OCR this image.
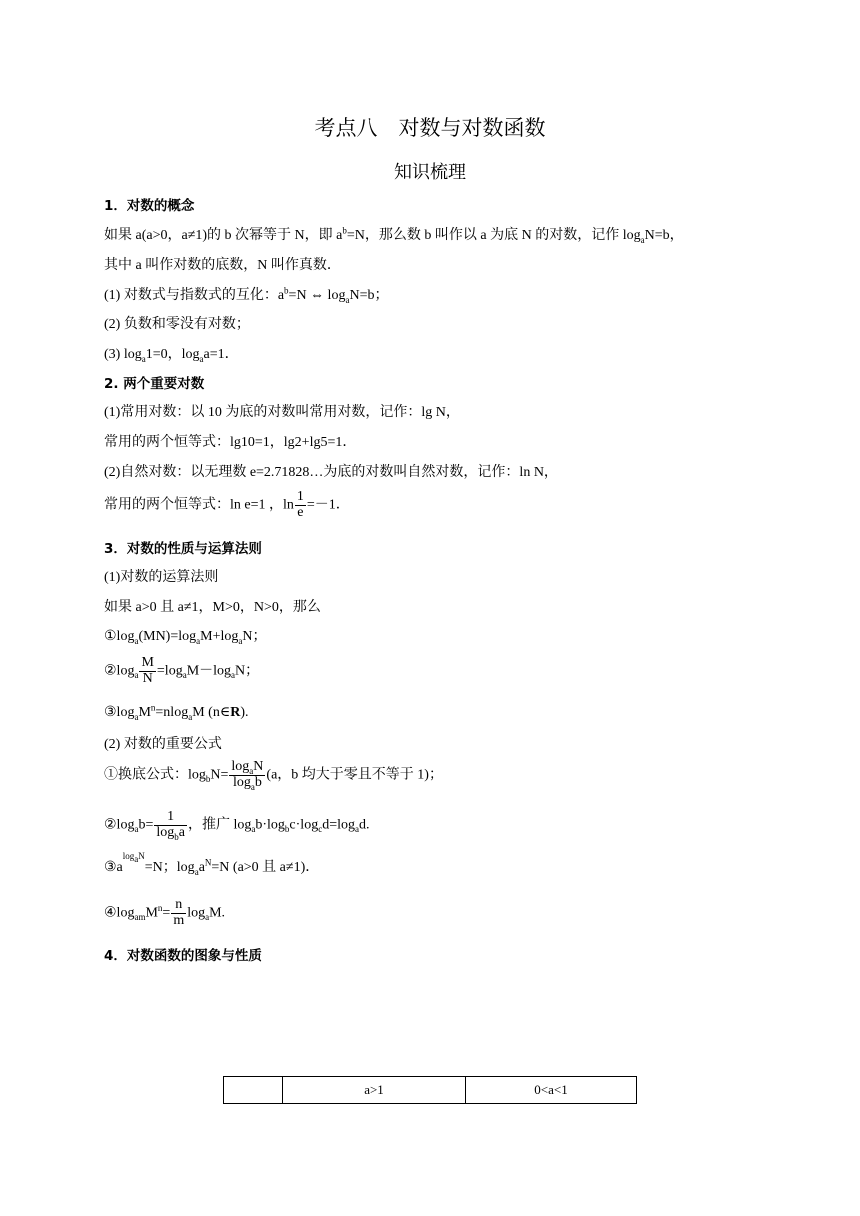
考点八　对数与对数函数
知识梳理
1．对数的概念
如果 a(a>0，a≠1)的 b 次幂等于 N，即 $a^b=N$，那么数 b 叫作以 a 为底 N 的对数，记作 $\log_aN=b$，
其中 a 叫作对数的底数，N 叫作真数．
(1) 对数式与指数式的互化：$a^b=N$ ⇔ $\log_aN=b$；
(2) 负数和零没有对数；
(3) $\log_a1=0$，$\log_aa=1$．
2. 两个重要对数
(1)常用对数：以 10 为底的对数叫常用对数，记作：lg N，
常用的两个恒等式：lg10=1，lg2+lg5=1．
(2)自然对数：以无理数 e=2.71828…为底的对数叫自然对数，记作：ln N，
常用的两个恒等式：ln e=1 ，$\ln \frac{1}{e} =-1$．
3．对数的性质与运算法则
(1)对数的运算法则
如果 a>0 且 a≠1，M>0，N>0，那么
$①\log_a(MN)=\log_aM+\log_aN$；
$②\log_a \frac{M}{N} =\log_aM-\log_aN$；
$③\log_aM^n=nlog_aM$ (n∈R).
(2) 对数的重要公式
①换底公式：$\log_bN= \frac{\log_aN}{\log_ab} (a$，b 均大于零且不等于 1)；
$②\log_ab= \frac{1}{\log_ba}$ ，推广 $\log_ab\cdot\log_bc\cdot\log_cd=\log_ad$.
$③a^{log_aN}=N$；$\log_aa^N=N$ (a>0 且 a≠1)．
$④\log_{am}M^n= \frac{n}{m} \log_aM$.
4．对数函数的图象与性质
	a>1	0<a<1
